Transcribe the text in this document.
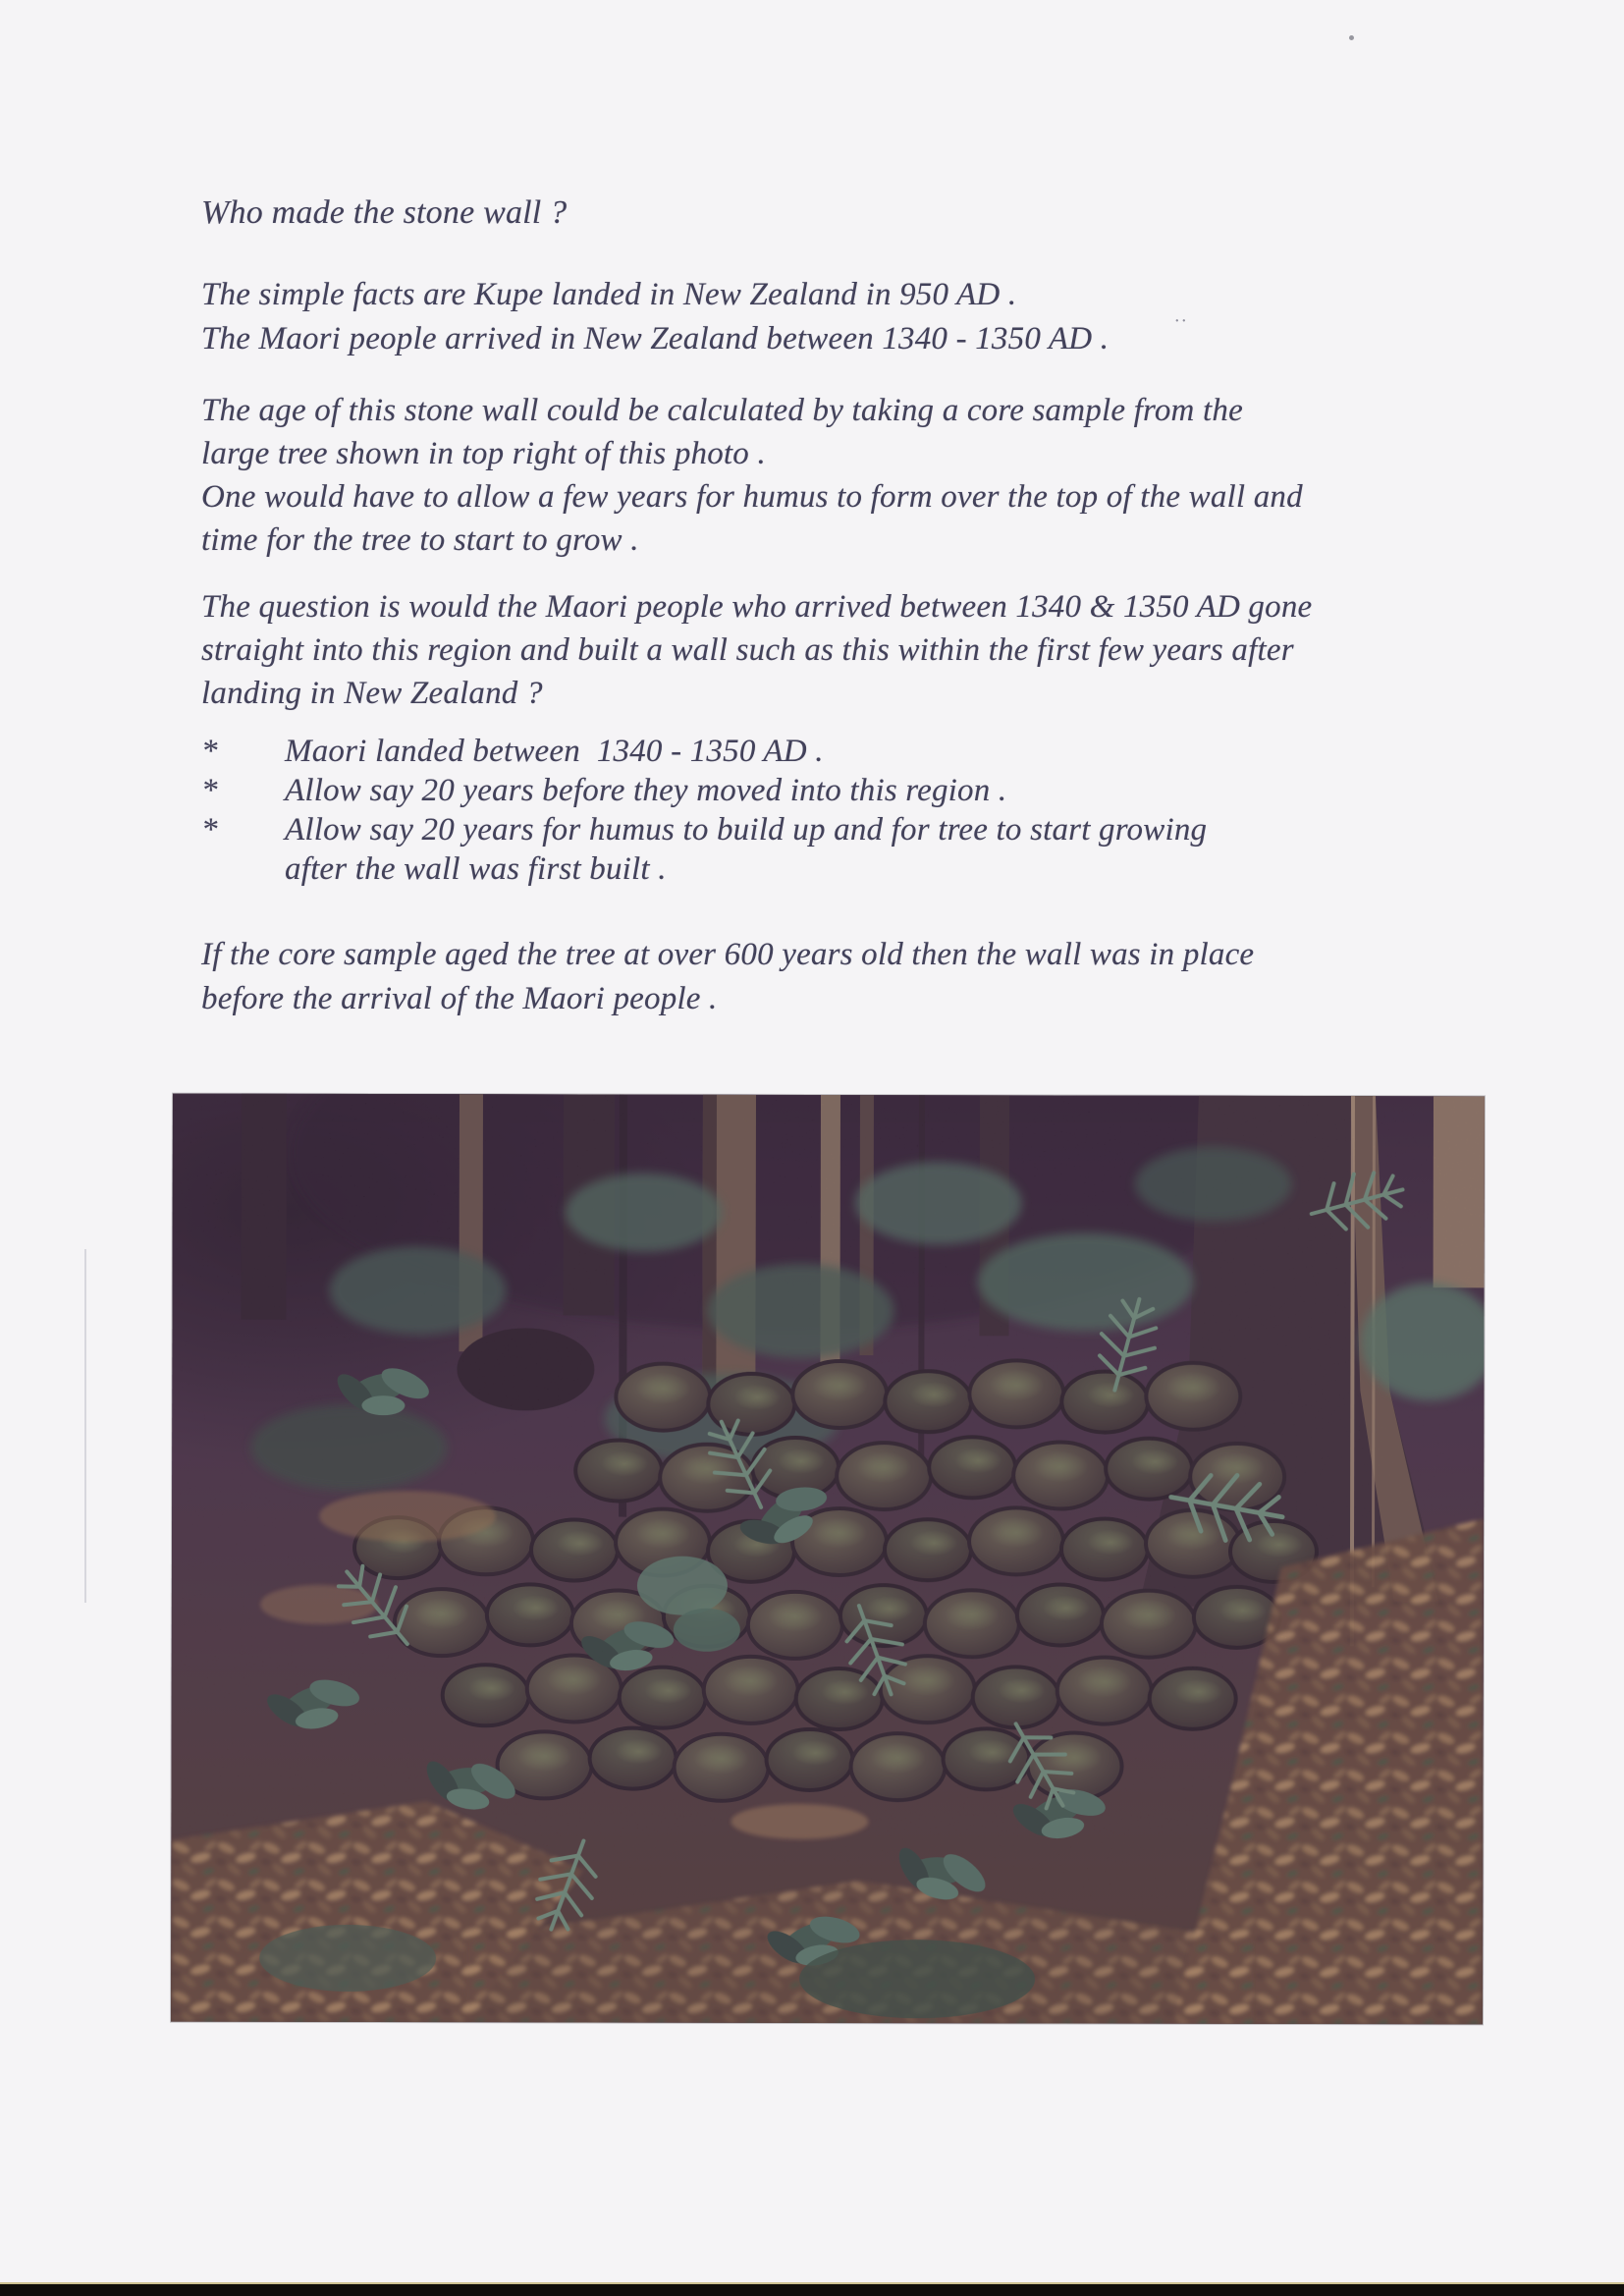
Who made the stone wall ?
The simple facts are Kupe landed in New Zealand in 950 AD .
The Maori people arrived in New Zealand between 1340 - 1350 AD .	··
The age of this stone wall could be calculated by taking a core sample from the
large tree shown in top right of this photo .
One would have to allow a few years for humus to form over the top of the wall and
time for the tree to start to grow .
The question is would the Maori people who arrived between 1340 & 1350 AD gone
straight into this region and built a wall such as this within the first few years after
landing in New Zealand ?
*	Maori landed between  1340 - 1350 AD .
*	Allow say 20 years before they moved into this region .
*	Allow say 20 years for humus to build up and for tree to start growing
after the wall was first built .
If the core sample aged the tree at over 600 years old then the wall was in place
before the arrival of the Maori people .
